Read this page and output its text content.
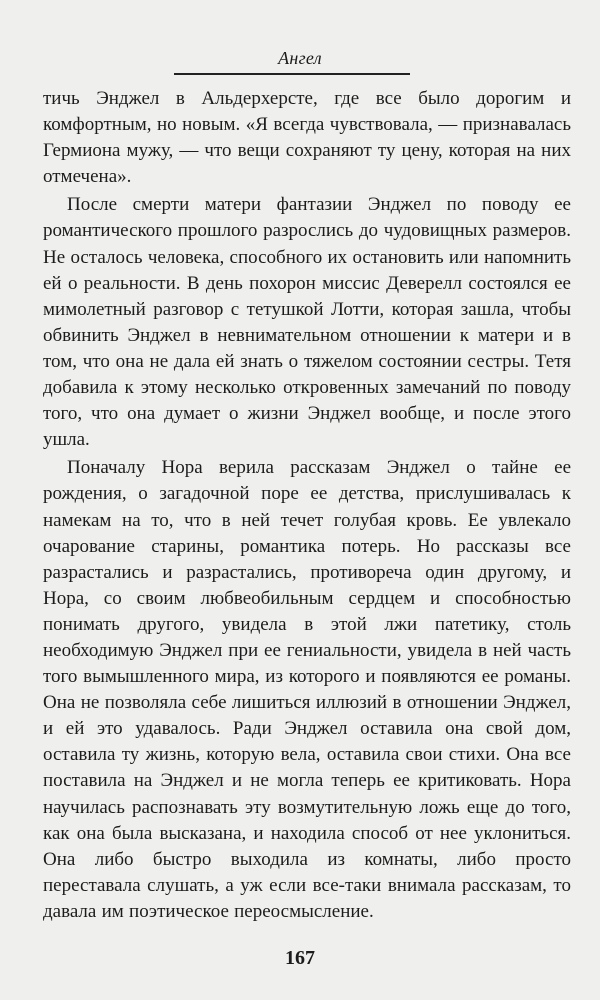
Ангел

тичь Энджел в Альдерхерсте, где все было дорогим и комфортным, но новым. «Я всегда чувствовала, — признавалась Гермиона мужу, — что вещи сохраняют ту цену, которая на них отмечена».

После смерти матери фантазии Энджел по поводу ее романтического прошлого разрослись до чудовищных размеров. Не осталось человека, способного их остановить или напомнить ей о реальности. В день похорон миссис Деверелл состоялся ее мимолетный разговор с тетушкой Лотти, которая зашла, чтобы обвинить Энджел в невнимательном отношении к матери и в том, что она не дала ей знать о тяжелом состоянии сестры. Тетя добавила к этому несколько откровенных замечаний по поводу того, что она думает о жизни Энджел вообще, и после этого ушла.

Поначалу Нора верила рассказам Энджел о тайне ее рождения, о загадочной поре ее детства, прислушивалась к намекам на то, что в ней течет голубая кровь. Ее увлекало очарование старины, романтика потерь. Но рассказы все разрастались и разрастались, противореча один другому, и Нора, со своим любвеобильным сердцем и способностью понимать другого, увидела в этой лжи патетику, столь необходимую Энджел при ее гениальности, увидела в ней часть того вымышленного мира, из которого и появляются ее романы. Она не позволяла себе лишиться иллюзий в отношении Энджел, и ей это удавалось. Ради Энджел оставила она свой дом, оставила ту жизнь, которую вела, оставила свои стихи. Она все поставила на Энджел и не могла теперь ее критиковать. Нора научилась распознавать эту возмутительную ложь еще до того, как она была высказана, и находила способ от нее уклониться. Она либо быстро выходила из комнаты, либо просто переставала слушать, а уж если все-таки внимала рассказам, то давала им поэтическое переосмысление.

167
